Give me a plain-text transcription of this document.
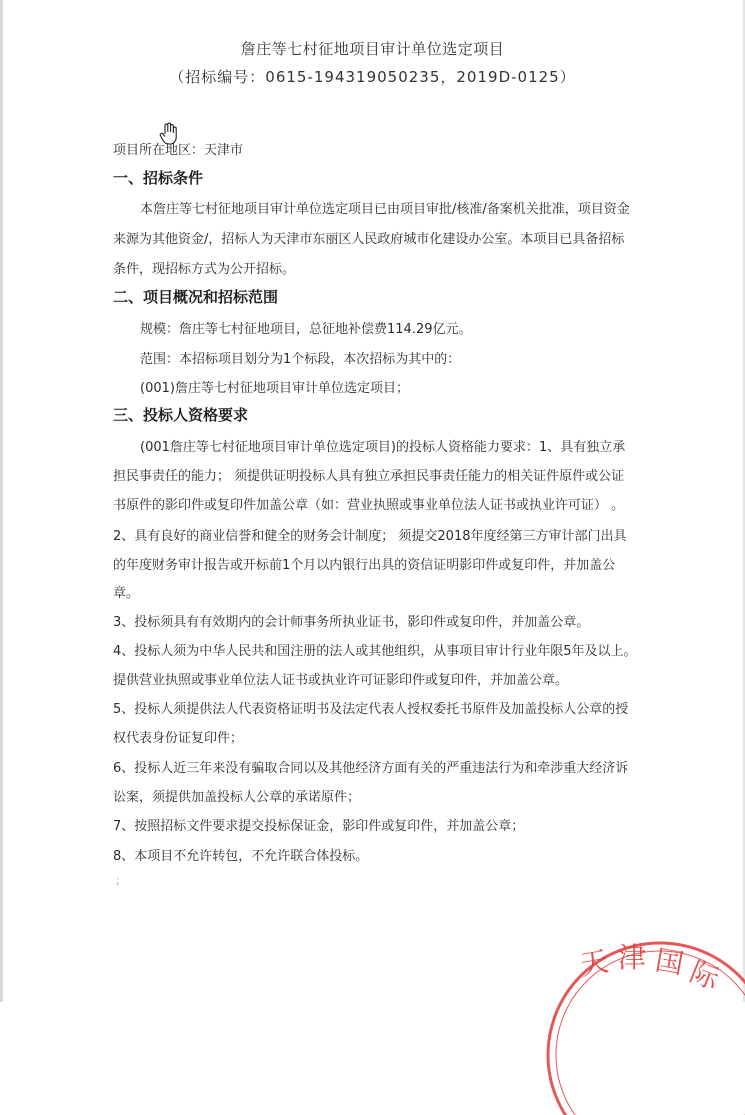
詹庄等七村征地项目审计单位选定项目
（招标编号：0615-194319050235，2019D-0125）
项目所在地区：天津市
一、招标条件
本詹庄等七村征地项目审计单位选定项目已由项目审批/核准/备案机关批准，项目资金
来源为其他资金/，招标人为天津市东丽区人民政府城市化建设办公室。本项目已具备招标
条件，现招标方式为公开招标。
二、项目概况和招标范围
规模：詹庄等七村征地项目，总征地补偿费114.29亿元。
范围：本招标项目划分为1个标段，本次招标为其中的：
(001)詹庄等七村征地项目审计单位选定项目；
三、投标人资格要求
(001詹庄等七村征地项目审计单位选定项目)的投标人资格能力要求：1、具有独立承
担民事责任的能力； 须提供证明投标人具有独立承担民事责任能力的相关证件原件或公证
书原件的影印件或复印件加盖公章（如：营业执照或事业单位法人证书或执业许可证） 。
2、具有良好的商业信誉和健全的财务会计制度； 须提交2018年度经第三方审计部门出具
的年度财务审计报告或开标前1个月以内银行出具的资信证明影印件或复印件，并加盖公
章。
3、投标须具有有效期内的会计师事务所执业证书，影印件或复印件，并加盖公章。
4、投标人须为中华人民共和国注册的法人或其他组织，从事项目审计行业年限5年及以上。
提供营业执照或事业单位法人证书或执业许可证影印件或复印件，并加盖公章。
5、投标人须提供法人代表资格证明书及法定代表人授权委托书原件及加盖投标人公章的授
权代表身份证复印件；
6、投标人近三年来没有骗取合同以及其他经济方面有关的严重违法行为和牵涉重大经济诉
讼案，须提供加盖投标人公章的承诺原件；
7、按照招标文件要求提交投标保证金，影印件或复印件，并加盖公章；
8、本项目不允许转包，不允许联合体投标。
;
天 津 国 际
